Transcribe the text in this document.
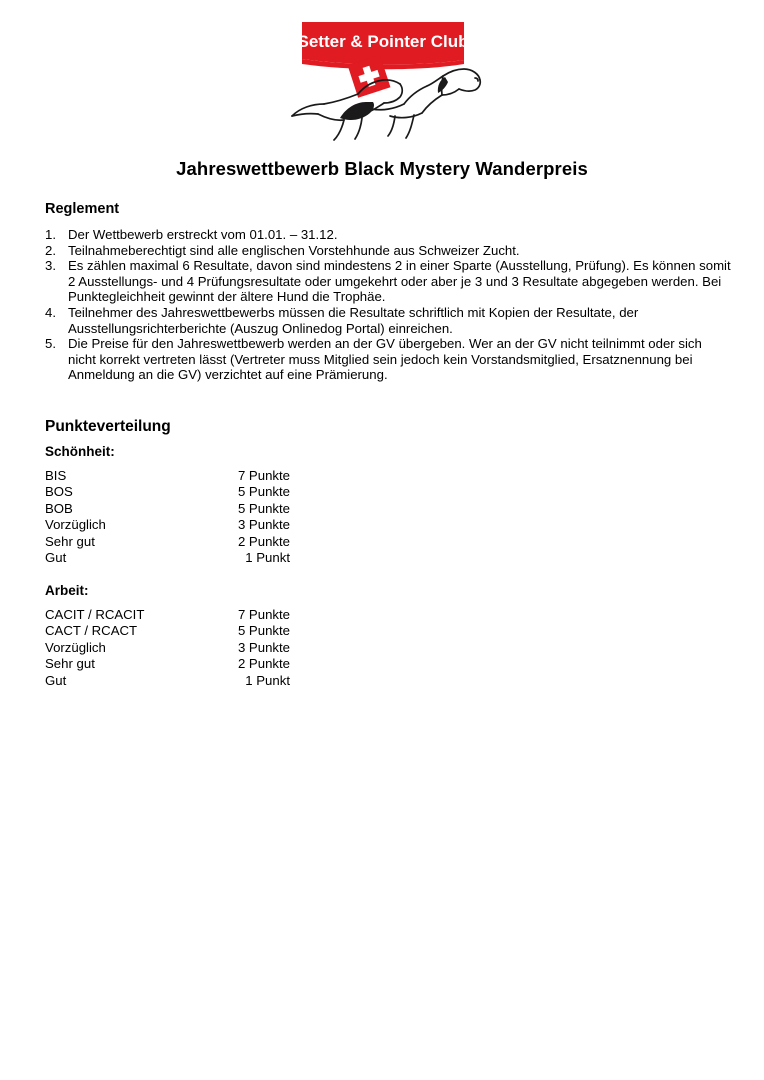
Setter & Pointer Club
Jahreswettbewerb Black Mystery Wanderpreis
Reglement
1. Der Wettbewerb erstreckt vom 01.01. – 31.12.
2. Teilnahmeberechtigt sind alle englischen Vorstehhunde aus Schweizer Zucht.
3. Es zählen maximal 6 Resultate, davon sind mindestens 2 in einer Sparte (Ausstellung, Prüfung). Es können somit 2 Ausstellungs- und 4 Prüfungsresultate oder umgekehrt oder aber je 3 und 3 Resultate abgegeben werden. Bei Punktegleichheit gewinnt der ältere Hund die Trophäe.
4. Teilnehmer des Jahreswettbewerbs müssen die Resultate schriftlich mit Kopien der Resultate, der Ausstellungsrichterberichte (Auszug Onlinedog Portal) einreichen.
5. Die Preise für den Jahreswettbewerb werden an der GV übergeben. Wer an der GV nicht teilnimmt oder sich nicht korrekt vertreten lässt (Vertreter muss Mitglied sein jedoch kein Vorstandsmitglied, Ersatznennung bei Anmeldung an die GV) verzichtet auf eine Prämierung.
Punkteverteilung
Schönheit:
BIS	7 Punkte
BOS	5 Punkte
BOB	5 Punkte
Vorzüglich	3 Punkte
Sehr gut	2 Punkte
Gut	1 Punkt
Arbeit:
CACIT / RCACIT	7 Punkte
CACT / RCACT	5 Punkte
Vorzüglich	3 Punkte
Sehr gut	2 Punkte
Gut	1 Punkt
